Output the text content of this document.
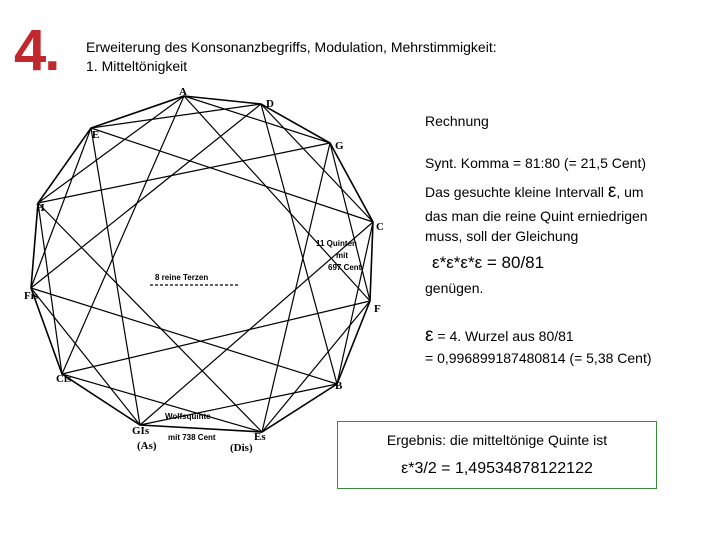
4. Erweiterung des Konsonanzbegriffs, Modulation, Mehrstimmigkeit:
1. Mitteltönigkeit
A
D
G
C
F
B
Es
(Dis)
GIs
(As)
Cis
Fis
H
E
11 Quinten
mit
697 Cent
8 reine Terzen
Wolfsquinte
mit 738 Cent
Rechnung
Synt. Komma = 81:80 (= 21,5 Cent)
Das gesuchte kleine Intervall ε, um
das man die reine Quint erniedrigen
muss, soll der Gleichung
ε*ε*ε*ε = 80/81
genügen.
ε = 4. Wurzel aus 80/81
= 0,996899187480814 (= 5,38 Cent)
Ergebnis: die mitteltönige Quinte ist
ε*3/2 = 1,49534878122122
